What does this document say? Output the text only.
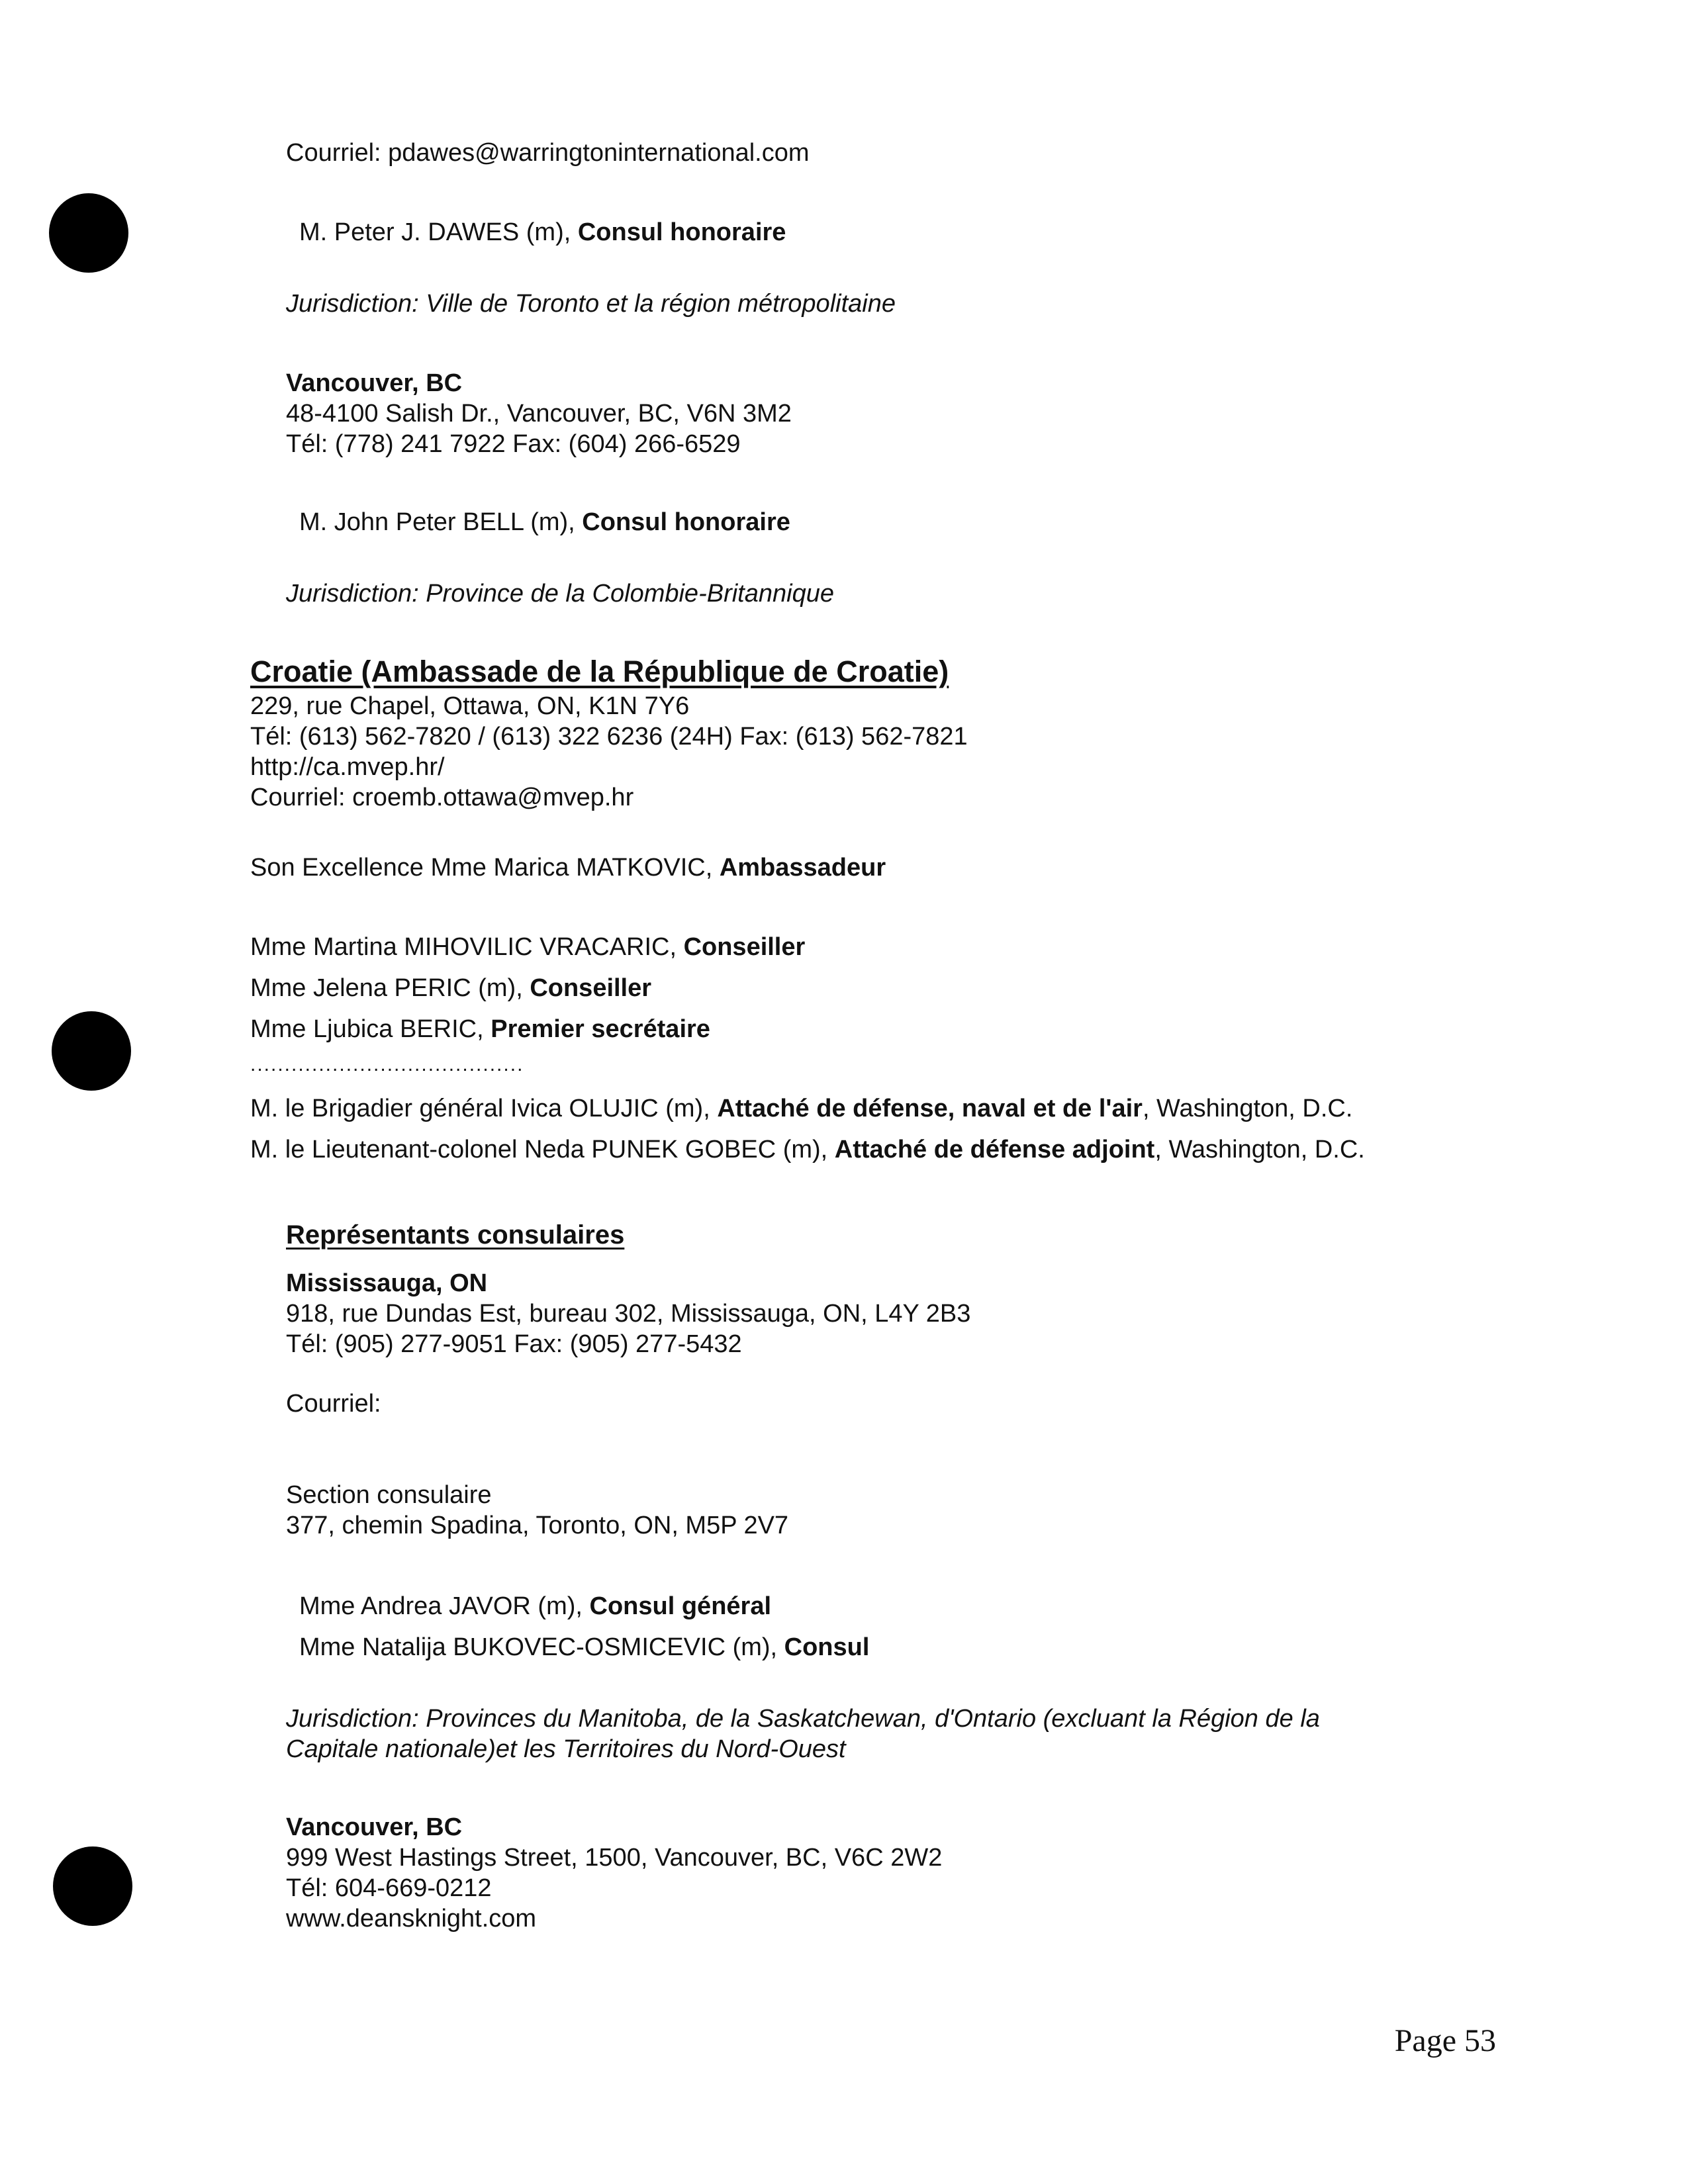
Courriel: pdawes@warringtoninternational.com
M. Peter J. DAWES (m), Consul honoraire
Jurisdiction: Ville de Toronto et la région métropolitaine
Vancouver, BC
48-4100 Salish Dr., Vancouver, BC, V6N 3M2
Tél: (778) 241 7922 Fax: (604) 266-6529
M. John Peter BELL (m), Consul honoraire
Jurisdiction: Province de la Colombie-Britannique
Croatie (Ambassade de la République de Croatie)
229, rue Chapel, Ottawa, ON, K1N 7Y6
Tél: (613) 562-7820 / (613) 322 6236 (24H) Fax: (613) 562-7821
http://ca.mvep.hr/
Courriel: croemb.ottawa@mvep.hr
Son Excellence Mme Marica MATKOVIC, Ambassadeur
Mme Martina MIHOVILIC VRACARIC, Conseiller
Mme Jelena PERIC (m), Conseiller
Mme Ljubica BERIC, Premier secrétaire
........................................
M. le Brigadier général Ivica OLUJIC (m), Attaché de défense, naval et de l'air, Washington, D.C.
M. le Lieutenant-colonel Neda PUNEK GOBEC (m), Attaché de défense adjoint, Washington, D.C.
Représentants consulaires
Mississauga, ON
918, rue Dundas Est, bureau 302, Mississauga, ON, L4Y 2B3
Tél: (905) 277-9051 Fax: (905) 277-5432
Courriel:
Section consulaire
377, chemin Spadina, Toronto, ON, M5P 2V7
Mme Andrea JAVOR (m), Consul général
Mme Natalija BUKOVEC-OSMICEVIC (m), Consul
Jurisdiction: Provinces du Manitoba, de la Saskatchewan, d'Ontario (excluant la Région de la
Capitale nationale)et les Territoires du Nord-Ouest
Vancouver, BC
999 West Hastings Street, 1500, Vancouver, BC, V6C 2W2
Tél: 604-669-0212
www.deansknight.com
Page 53
